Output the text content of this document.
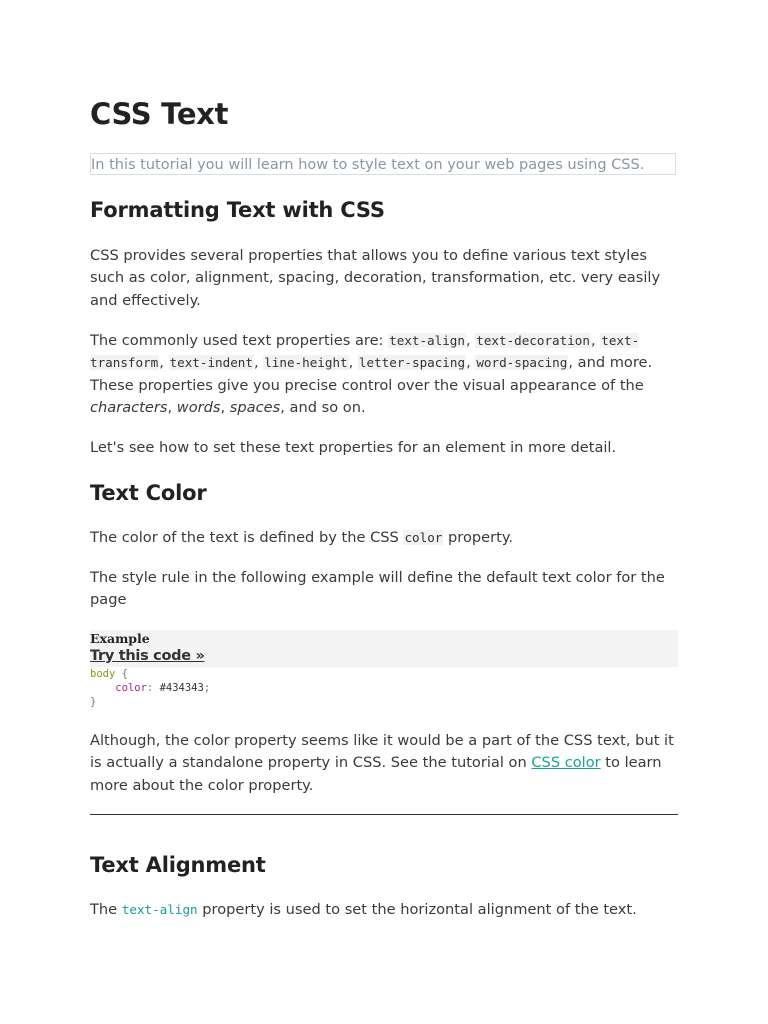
CSS Text
In this tutorial you will learn how to style text on your web pages using CSS.
Formatting Text with CSS

CSS provides several properties that allows you to define various text styles such as color, alignment, spacing, decoration, transformation, etc. very easily and effectively.

The commonly used text properties are: text-align, text-decoration, text-transform, text-indent, line-height, letter-spacing, word-spacing, and more. These properties give you precise control over the visual appearance of the characters, words, spaces, and so on.

Let's see how to set these text properties for an element in more detail.

Text Color

The color of the text is defined by the CSS color property.

The style rule in the following example will define the default text color for the page

Example
Try this code »
body {
color: #434343;
}

Although, the color property seems like it would be a part of the CSS text, but it is actually a standalone property in CSS. See the tutorial on CSS color to learn more about the color property.

Text Alignment

The text-align property is used to set the horizontal alignment of the text.
